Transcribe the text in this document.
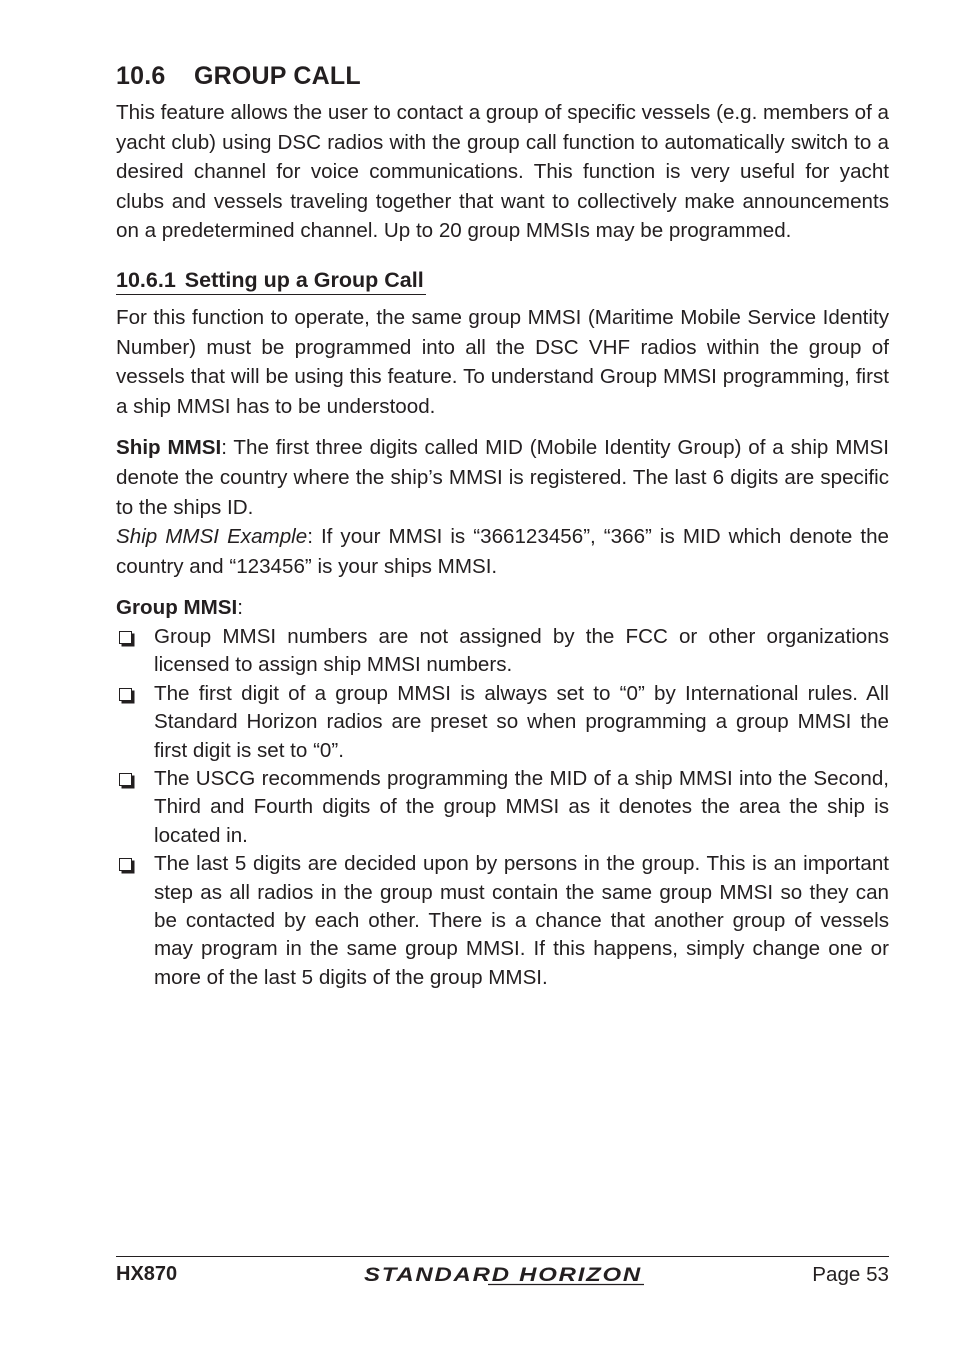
10.6 GROUP CALL

This feature allows the user to contact a group of specific vessels (e.g. members of a yacht club) using DSC radios with the group call function to automatically switch to a desired channel for voice communications. This function is very useful for yacht clubs and vessels traveling together that want to collectively make announcements on a predetermined channel. Up to 20 group MMSIs may be programmed.

10.6.1 Setting up a Group Call

For this function to operate, the same group MMSI (Maritime Mobile Service Identity Number) must be programmed into all the DSC VHF radios within the group of vessels that will be using this feature. To understand Group MMSI programming, first a ship MMSI has to be understood.

Ship MMSI: The first three digits called MID (Mobile Identity Group) of a ship MMSI denote the country where the ship’s MMSI is registered. The last 6 digits are specific to the ships ID.

Ship MMSI Example: If your MMSI is “366123456”, “366” is MID which denote the country and “123456” is your ships MMSI.

Group MMSI:

Group MMSI numbers are not assigned by the FCC or other organizations licensed to assign ship MMSI numbers.
The first digit of a group MMSI is always set to “0” by International rules. All Standard Horizon radios are preset so when programming a group MMSI the first digit is set to “0”.
The USCG recommends programming the MID of a ship MMSI into the Second, Third and Fourth digits of the group MMSI as it denotes the area the ship is located in.
The last 5 digits are decided upon by persons in the group. This is an important step as all radios in the group must contain the same group MMSI so they can be contacted by each other. There is a chance that another group of vessels may program in the same group MMSI. If this happens, simply change one or more of the last 5 digits of the group MMSI.
HX870	STANDARD HORIZON	Page 53
